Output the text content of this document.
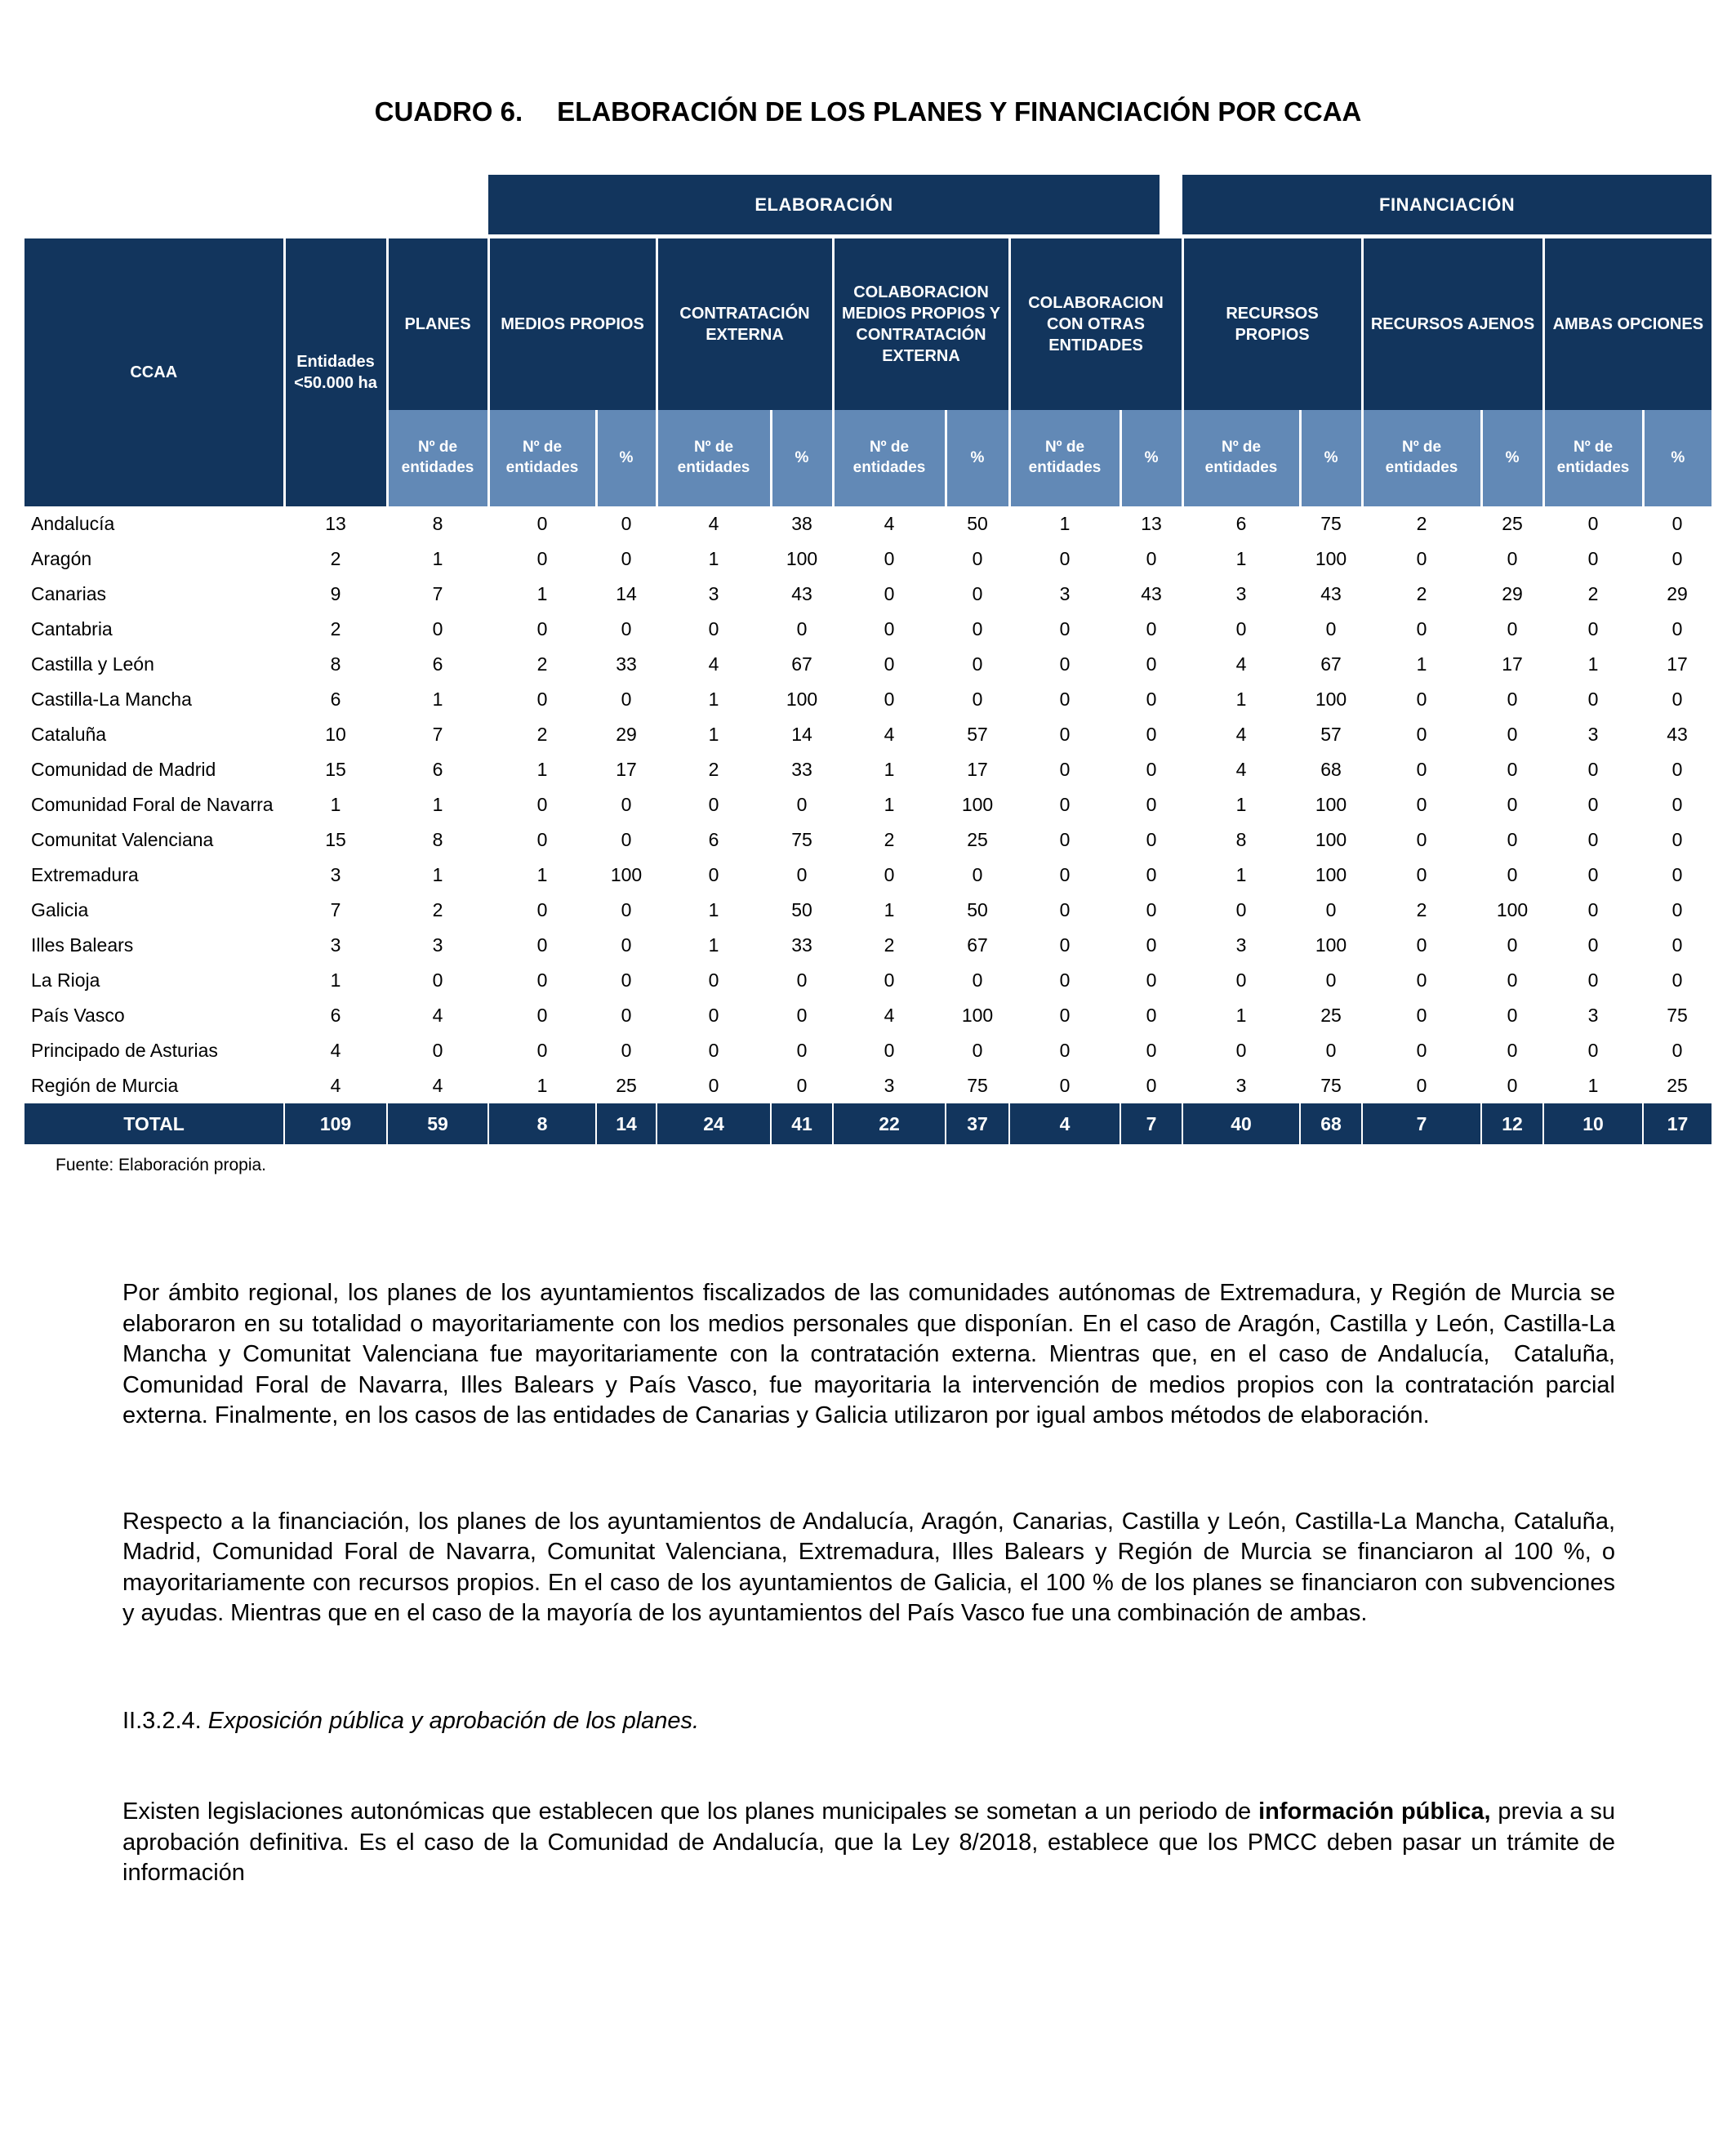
CUADRO 6. ELABORACIÓN DE LOS PLANES Y FINANCIACIÓN POR CCAA

ELABORACIÓN								FINANCIACIÓN					

CCAA	Entidades <50.000 ha	PLANES	MEDIOS PROPIOS		CONTRATACIÓN EXTERNA		COLABORACION MEDIOS PROPIOS Y CONTRATACIÓN EXTERNA		COLABORACION CON OTRAS ENTIDADES		RECURSOS PROPIOS		RECURSOS AJENOS		AMBAS OPCIONES	
		Nº de entidades	Nº de entidades	%	Nº de entidades	%	Nº de entidades	%	Nº de entidades	%	Nº de entidades	%	Nº de entidades	%	Nº de entidades	%
Andalucía	13	8	0	0	4	38	4	50	1	13	6	75	2	25	0	0
Aragón	2	1	0	0	1	100	0	0	0	0	1	100	0	0	0	0
Canarias	9	7	1	14	3	43	0	0	3	43	3	43	2	29	2	29
Cantabria	2	0	0	0	0	0	0	0	0	0	0	0	0	0	0	0
Castilla y León	8	6	2	33	4	67	0	0	0	0	4	67	1	17	1	17
Castilla-La Mancha	6	1	0	0	1	100	0	0	0	0	1	100	0	0	0	0
Cataluña	10	7	2	29	1	14	4	57	0	0	4	57	0	0	3	43
Comunidad de Madrid	15	6	1	17	2	33	1	17	0	0	4	68	0	0	0	0
Comunidad Foral de Navarra	1	1	0	0	0	0	1	100	0	0	1	100	0	0	0	0
Comunitat Valenciana	15	8	0	0	6	75	2	25	0	0	8	100	0	0	0	0
Extremadura	3	1	1	100	0	0	0	0	0	0	1	100	0	0	0	0
Galicia	7	2	0	0	1	50	1	50	0	0	0	0	2	100	0	0
Illes Balears	3	3	0	0	1	33	2	67	0	0	3	100	0	0	0	0
La Rioja	1	0	0	0	0	0	0	0	0	0	0	0	0	0	0	0
País Vasco	6	4	0	0	0	0	4	100	0	0	1	25	0	0	3	75
Principado de Asturias	4	0	0	0	0	0	0	0	0	0	0	0	0	0	0	0
Región de Murcia	4	4	1	25	0	0	3	75	0	0	3	75	0	0	1	25
TOTAL	109	59	8	14	24	41	22	37	4	7	40	68	7	12	10	17
Fuente: Elaboración propia.

Por ámbito regional, los planes de los ayuntamientos fiscalizados de las comunidades autónomas de Extremadura, y Región de Murcia se elaboraron en su totalidad o mayoritariamente con los medios personales que disponían. En el caso de Aragón, Castilla y León, Castilla-La Mancha y Comunitat Valenciana fue mayoritariamente con la contratación externa. Mientras que, en el caso de Andalucía,  Cataluña, Comunidad Foral de Navarra, Illes Balears y País Vasco, fue mayoritaria la intervención de medios propios con la contratación parcial externa. Finalmente, en los casos de las entidades de Canarias y Galicia utilizaron por igual ambos métodos de elaboración.

Respecto a la financiación, los planes de los ayuntamientos de Andalucía, Aragón, Canarias, Castilla y León, Castilla-La Mancha, Cataluña, Madrid, Comunidad Foral de Navarra, Comunitat Valenciana, Extremadura, Illes Balears y Región de Murcia se financiaron al 100 %, o mayoritariamente con recursos propios. En el caso de los ayuntamientos de Galicia, el 100 % de los planes se financiaron con subvenciones y ayudas. Mientras que en el caso de la mayoría de los ayuntamientos del País Vasco fue una combinación de ambas.

II.3.2.4. Exposición pública y aprobación de los planes.

Existen legislaciones autonómicas que establecen que los planes municipales se sometan a un periodo de información pública, previa a su aprobación definitiva. Es el caso de la Comunidad de Andalucía, que la Ley 8/2018, establece que los PMCC deben pasar un trámite de información
